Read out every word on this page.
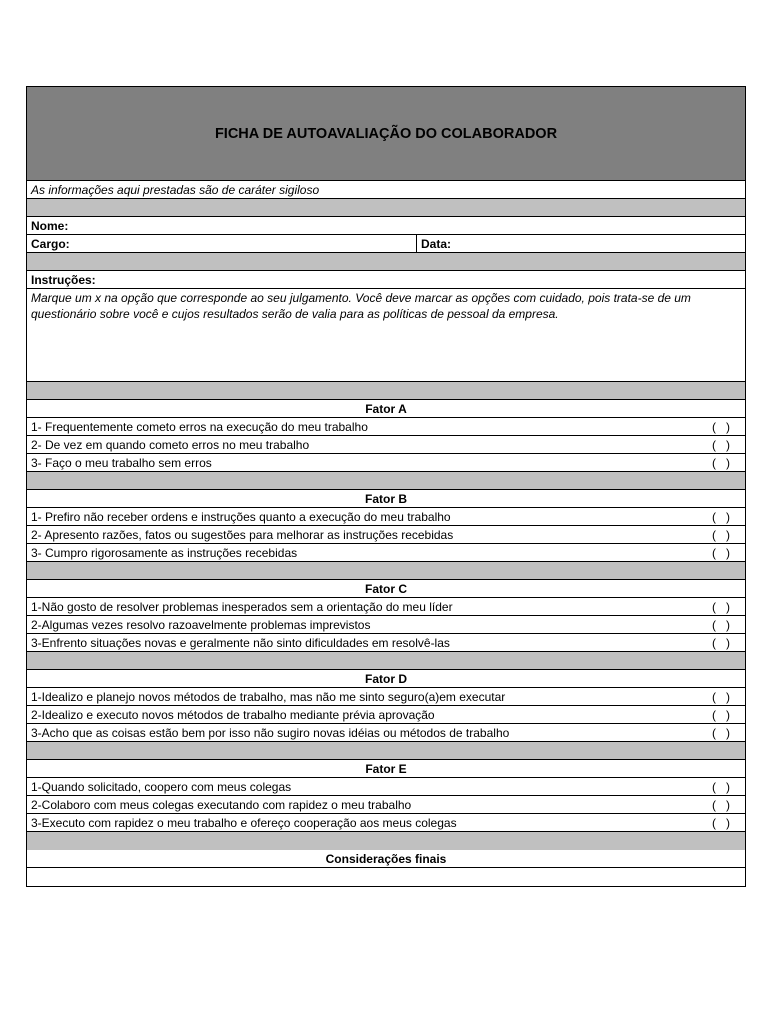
FICHA DE AUTOAVALIAÇÃO DO COLABORADOR
As informações aqui prestadas são de caráter sigiloso
Nome:
Cargo:	Data:
Instruções:
Marque um x na opção que corresponde ao seu julgamento. Você deve marcar as opções com cuidado, pois trata-se de um questionário sobre você e cujos resultados serão de valia para as políticas de pessoal da empresa.
Fator A
1- Frequentemente cometo erros na execução do meu trabalho	(   )
2- De vez em quando cometo erros no meu trabalho	(   )
3- Faço o meu trabalho sem erros	(   )
Fator B
1- Prefiro não receber ordens e instruções quanto a execução do meu trabalho	(   )
2- Apresento razões, fatos ou sugestões para melhorar as instruções recebidas	(   )
3- Cumpro rigorosamente as instruções recebidas	(   )
Fator C
1-Não gosto de resolver problemas inesperados sem a orientação do meu líder	(   )
2-Algumas vezes resolvo razoavelmente problemas imprevistos	(   )
3-Enfrento situações novas e geralmente não sinto dificuldades em resolvê-las	(   )
Fator D
1-Idealizo e planejo novos métodos de trabalho, mas não me sinto seguro(a)em executar	(   )
2-Idealizo e executo novos métodos de trabalho mediante prévia aprovação	(   )
3-Acho que as coisas estão bem por isso não sugiro novas idéias ou métodos de trabalho	(   )
Fator E
1-Quando solicitado, coopero com meus colegas	(   )
2-Colaboro com meus colegas executando com rapidez o meu trabalho	(   )
3-Executo com rapidez o meu trabalho e ofereço cooperação aos meus colegas	(   )
Considerações finais
